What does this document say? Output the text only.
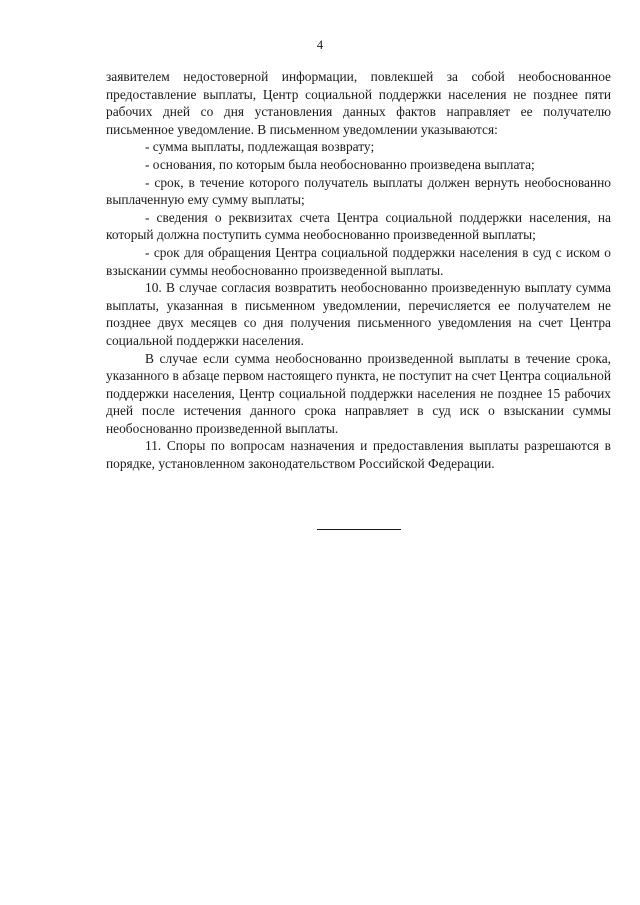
4

заявителем недостоверной информации, повлекшей за собой необоснованное предоставление выплаты, Центр социальной поддержки населения не позднее пяти рабочих дней со дня установления данных фактов направляет ее получателю письменное уведомление. В письменном уведомлении указываются:

- сумма выплаты, подлежащая возврату;

- основания, по которым была необоснованно произведена выплата;

- срок, в течение которого получатель выплаты должен вернуть необоснованно выплаченную ему сумму выплаты;

- сведения о реквизитах счета Центра социальной поддержки населения, на который должна поступить сумма необоснованно произведенной выплаты;

- срок для обращения Центра социальной поддержки населения в суд с иском о взыскании суммы необоснованно произведенной выплаты.

10. В случае согласия возвратить необоснованно произведенную выплату сумма выплаты, указанная в письменном уведомлении, перечисляется ее получателем не позднее двух месяцев со дня получения письменного уведомления на счет Центра социальной поддержки населения.

В случае если сумма необоснованно произведенной выплаты в течение срока, указанного в абзаце первом настоящего пункта, не поступит на счет Центра социальной поддержки населения, Центр социальной поддержки населения не позднее 15 рабочих дней после истечения данного срока направляет в суд иск о взыскании суммы необоснованно произведенной выплаты.

11. Споры по вопросам назначения и предоставления выплаты разрешаются в порядке, установленном законодательством Российской Федерации.
